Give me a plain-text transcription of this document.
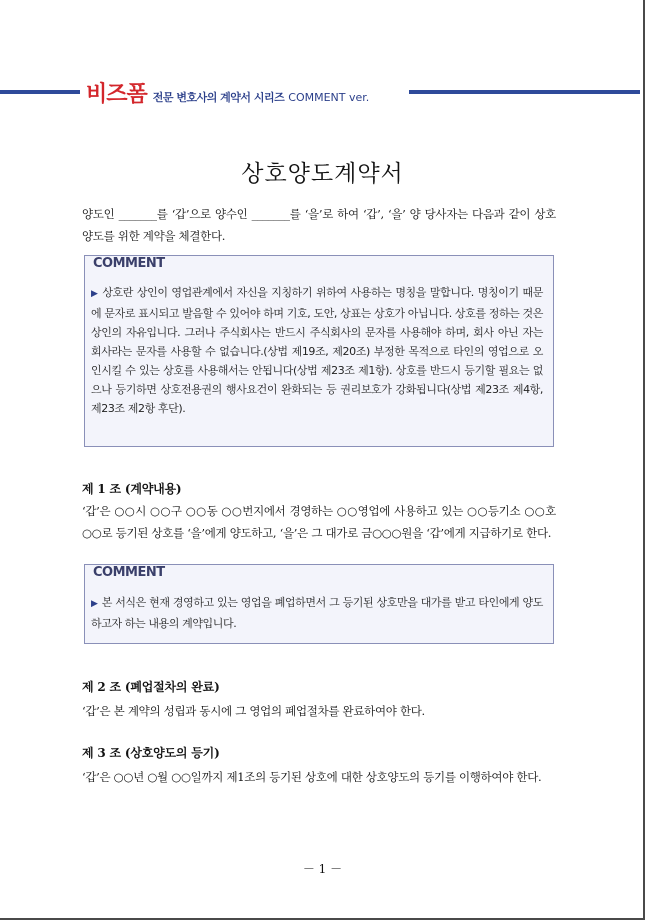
비즈폼 전문 변호사의 계약서 시리즈 COMMENT ver.
상호양도계약서
양도인 _______를 ‘갑’으로 양수인 _______를 ‘을’로 하여 ‘갑’, ‘을’ 양 당사자는 다음과 같이 상호양도를 위한 계약을 체결한다.
COMMENT
▶ 상호란 상인이 영업관계에서 자신을 지칭하기 위하여 사용하는 명칭을 말합니다. 명칭이기 때문에 문자로 표시되고 발음할 수 있어야 하며 기호, 도안, 상표는 상호가 아닙니다. 상호를 정하는 것은 상인의 자유입니다. 그러나 주식회사는 반드시 주식회사의 문자를 사용해야 하며, 회사 아닌 자는 회사라는 문자를 사용할 수 없습니다.(상법 제19조, 제20조) 부정한 목적으로 타인의 영업으로 오인시킬 수 있는 상호를 사용해서는 안됩니다(상법 제23조 제1항). 상호를 반드시 등기할 필요는 없으나 등기하면 상호전용권의 행사요건이 완화되는 등 권리보호가 강화됩니다(상법 제23조 제4항, 제23조 제2항 후단).
제 1 조 (계약내용)
‘갑’은 ○○시 ○○구 ○○동 ○○번지에서 경영하는 ○○영업에 사용하고 있는 ○○등기소 ○○호 ○○로 등기된 상호를 ‘을’에게 양도하고, ‘을’은 그 대가로 금○○○원을 ‘갑’에게 지급하기로 한다.
COMMENT
▶ 본 서식은 현재 경영하고 있는 영업을 폐업하면서 그 등기된 상호만을 대가를 받고 타인에게 양도하고자 하는 내용의 계약입니다.
제 2 조 (폐업절차의 완료)
‘갑’은 본 계약의 성립과 동시에 그 영업의 폐업절차를 완료하여야 한다.
제 3 조 (상호양도의 등기)
‘갑’은 ○○년 ○월 ○○일까지 제1조의 등기된 상호에 대한 상호양도의 등기를 이행하여야 한다.
－ 1 －
